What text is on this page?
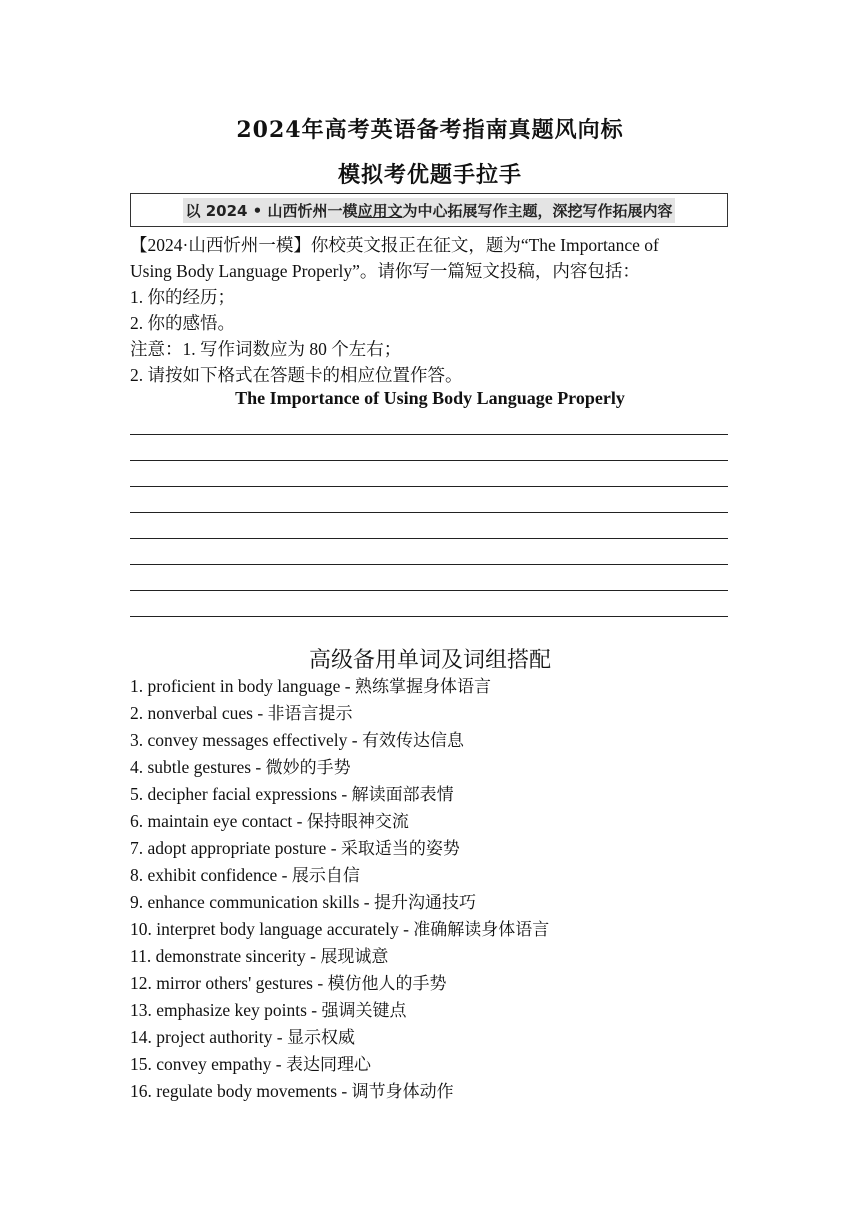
2024年高考英语备考指南真题风向标
模拟考优题手拉手
以 2024 • 山西忻州一模应用文为中心拓展写作主题，深挖写作拓展内容
【2024·山西忻州一模】你校英文报正在征文，题为“The Importance of
Using Body Language Properly”。请你写一篇短文投稿，内容包括：
1. 你的经历；
2. 你的感悟。
注意：1. 写作词数应为 80 个左右；
2. 请按如下格式在答题卡的相应位置作答。
The Importance of Using Body Language Properly
高级备用单词及词组搭配
1. proficient in body language - 熟练掌握身体语言
2. nonverbal cues - 非语言提示
3. convey messages effectively - 有效传达信息
4. subtle gestures - 微妙的手势
5. decipher facial expressions - 解读面部表情
6. maintain eye contact - 保持眼神交流
7. adopt appropriate posture - 采取适当的姿势
8. exhibit confidence - 展示自信
9. enhance communication skills - 提升沟通技巧
10. interpret body language accurately - 准确解读身体语言
11. demonstrate sincerity - 展现诚意
12. mirror others' gestures - 模仿他人的手势
13. emphasize key points - 强调关键点
14. project authority - 显示权威
15. convey empathy - 表达同理心
16. regulate body movements - 调节身体动作
